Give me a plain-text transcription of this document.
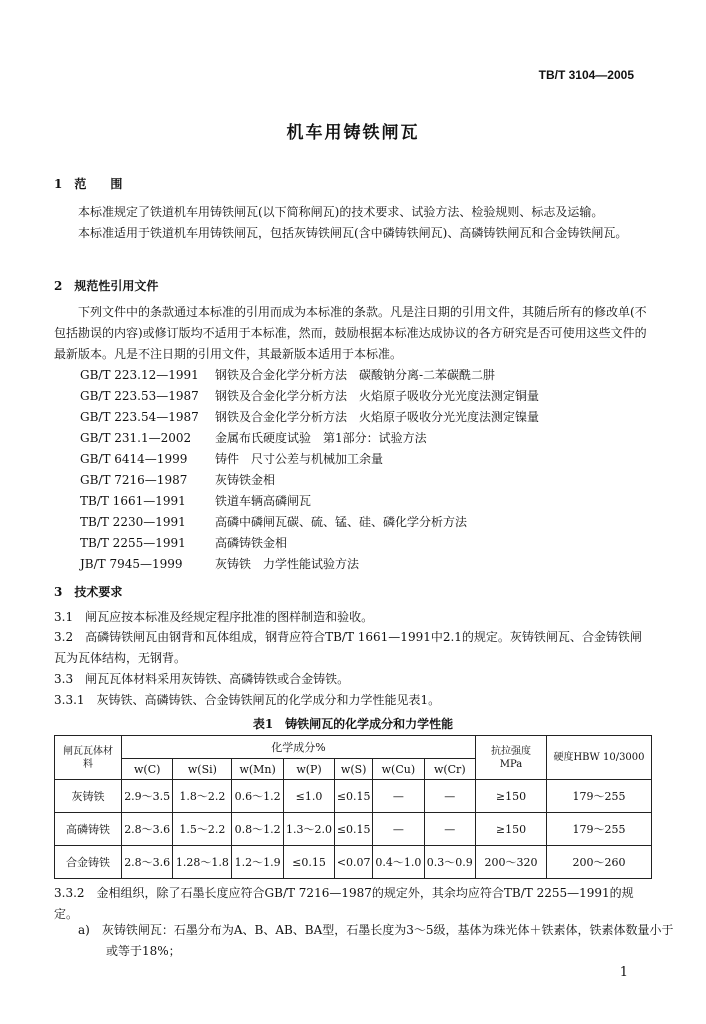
TB/T 3104—2005
机车用铸铁闸瓦
1　范　　围
本标准规定了铁道机车用铸铁闸瓦(以下简称闸瓦)的技术要求、试验方法、检验规则、标志及运输。
本标准适用于铁道机车用铸铁闸瓦，包括灰铸铁闸瓦(含中磷铸铁闸瓦)、高磷铸铁闸瓦和合金铸铁闸瓦。
2　规范性引用文件
下列文件中的条款通过本标准的引用而成为本标准的条款。凡是注日期的引用文件，其随后所有的修改单(不包括勘误的内容)或修订版均不适用于本标准，然而，鼓励根据本标准达成协议的各方研究是否可使用这些文件的最新版本。凡是不注日期的引用文件，其最新版本适用于本标准。
GB/T 223.12—1991 钢铁及合金化学分析方法　碳酸钠分离-二苯碳酰二肼
GB/T 223.53—1987 钢铁及合金化学分析方法　火焰原子吸收分光光度法测定铜量
GB/T 223.54—1987 钢铁及合金化学分析方法　火焰原子吸收分光光度法测定镍量
GB/T 231.1—2002 金属布氏硬度试验　第1部分：试验方法
GB/T 6414—1999 铸件　尺寸公差与机械加工余量
GB/T 7216—1987 灰铸铁金相
TB/T 1661—1991 铁道车辆高磷闸瓦
TB/T 2230—1991 高磷中磷闸瓦碳、硫、锰、硅、磷化学分析方法
TB/T 2255—1991 高磷铸铁金相
JB/T 7945—1999	灰铸铁　力学性能试验方法
3　技术要求
3.1　闸瓦应按本标准及经规定程序批准的图样制造和验收。
3.2　高磷铸铁闸瓦由钢背和瓦体组成，钢背应符合TB/T 1661—1991中2.1的规定。灰铸铁闸瓦、合金铸铁闸瓦为瓦体结构，无钢背。
3.3　闸瓦瓦体材料采用灰铸铁、高磷铸铁或合金铸铁。
3.3.1　灰铸铁、高磷铸铁、合金铸铁闸瓦的化学成分和力学性能见表1。
表1　铸铁闸瓦的化学成分和力学性能
闸瓦瓦体材料	化学成分%							抗拉强度MPa	硬度HBW 10/3000
	w(C)	w(Si)	w(Mn)	w(P)	w(S)	w(Cu)	w(Cr)		
灰铸铁	2.9～3.5	1.8～2.2	0.6～1.2	≤1.0	≤0.15	—	—	≥150	179～255
高磷铸铁	2.8～3.6	1.5～2.2	0.8～1.2	1.3～2.0	≤0.15	—	—	≥150	179～255
合金铸铁	2.8～3.6	1.28～1.8	1.2～1.9	≤0.15	<0.07	0.4～1.0	0.3～0.9	200～320	200～260
3.3.2　金相组织，除了石墨长度应符合GB/T 7216—1987的规定外，其余均应符合TB/T 2255—1991的规定。
a)　灰铸铁闸瓦：石墨分布为A、B、AB、BA型，石墨长度为3～5级，基体为珠光体＋铁素体，铁素体数量小于或等于18%；
1
